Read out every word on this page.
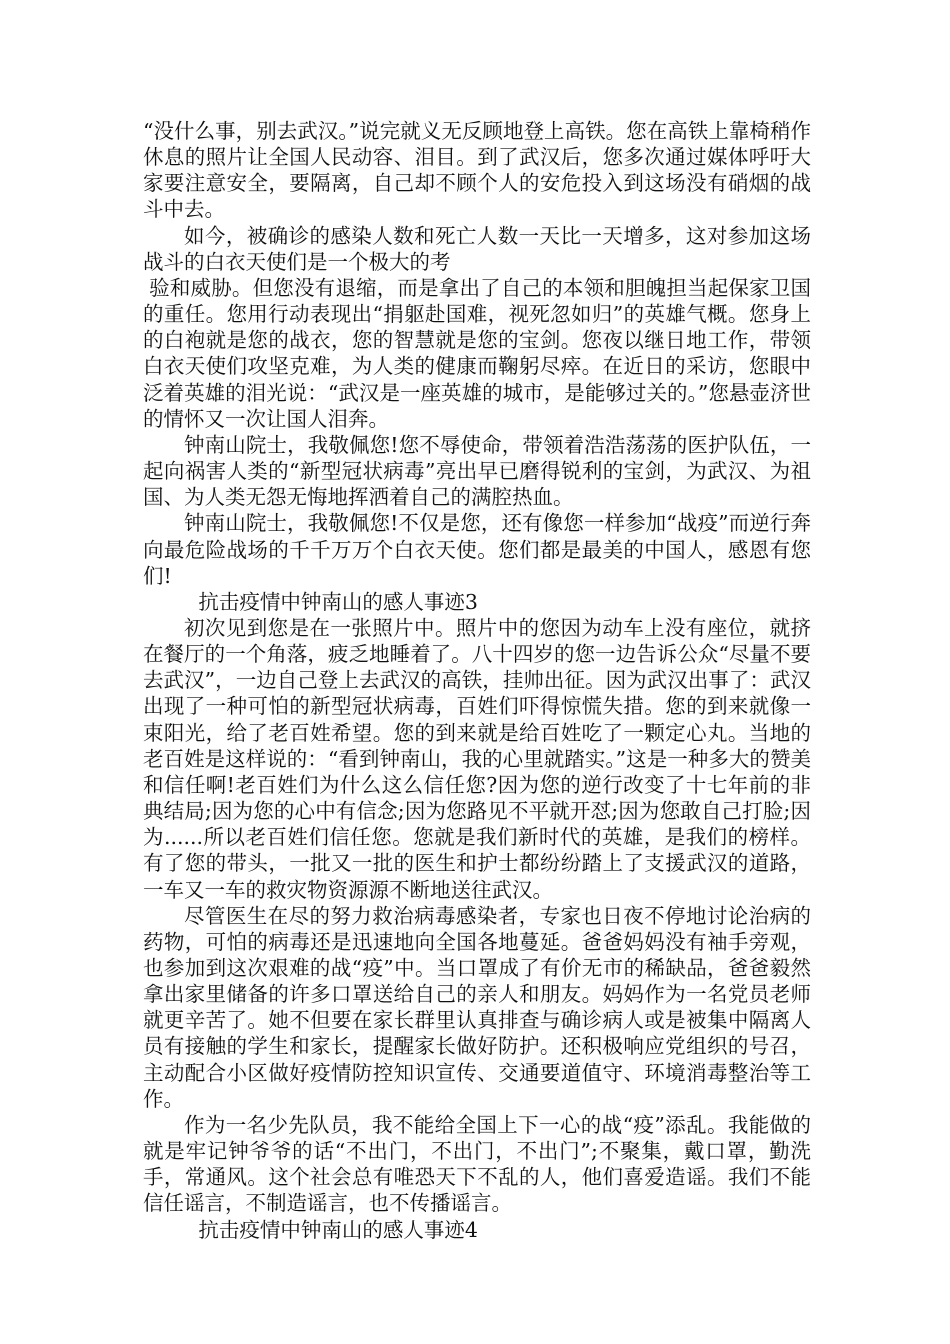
“没什么事，别去武汉。”说完就义无反顾地登上高铁。您在高铁上靠椅稍作休息的照片让全国人民动容、泪目。到了武汉后，您多次通过媒体呼吁大家要注意安全，要隔离，自己却不顾个人的安危投入到这场没有硝烟的战斗中去。

如今，被确诊的感染人数和死亡人数一天比一天增多，这对参加这场战斗的白衣天使们是一个极大的考

验和威胁。但您没有退缩，而是拿出了自己的本领和胆魄担当起保家卫国的重任。您用行动表现出“捐躯赴国难，视死忽如归”的英雄气概。您身上的白袍就是您的战衣，您的智慧就是您的宝剑。您夜以继日地工作，带领白衣天使们攻坚克难，为人类的健康而鞠躬尽瘁。在近日的采访，您眼中泛着英雄的泪光说：“武汉是一座英雄的城市，是能够过关的。”您悬壶济世的情怀又一次让国人泪奔。

钟南山院士，我敬佩您!您不辱使命，带领着浩浩荡荡的医护队伍，一起向祸害人类的“新型冠状病毒”亮出早已磨得锐利的宝剑，为武汉、为祖国、为人类无怨无悔地挥洒着自己的满腔热血。

钟南山院士，我敬佩您!不仅是您，还有像您一样参加“战疫”而逆行奔向最危险战场的千千万万个白衣天使。您们都是最美的中国人，感恩有您们!

抗击疫情中钟南山的感人事迹3

初次见到您是在一张照片中。照片中的您因为动车上没有座位，就挤在餐厅的一个角落，疲乏地睡着了。八十四岁的您一边告诉公众“尽量不要去武汉”，一边自己登上去武汉的高铁，挂帅出征。因为武汉出事了：武汉出现了一种可怕的新型冠状病毒，百姓们吓得惊慌失措。您的到来就像一束阳光，给了老百姓希望。您的到来就是给百姓吃了一颗定心丸。当地的老百姓是这样说的：“看到钟南山，我的心里就踏实。”这是一种多大的赞美和信任啊!老百姓们为什么这么信任您?因为您的逆行改变了十七年前的非典结局;因为您的心中有信念;因为您路见不平就开怼;因为您敢自己打脸;因为......所以老百姓们信任您。您就是我们新时代的英雄，是我们的榜样。有了您的带头，一批又一批的医生和护士都纷纷踏上了支援武汉的道路，一车又一车的救灾物资源源不断地送往武汉。

尽管医生在尽的努力救治病毒感染者，专家也日夜不停地讨论治病的药物，可怕的病毒还是迅速地向全国各地蔓延。爸爸妈妈没有袖手旁观，也参加到这次艰难的战“疫”中。当口罩成了有价无市的稀缺品，爸爸毅然拿出家里储备的许多口罩送给自己的亲人和朋友。妈妈作为一名党员老师就更辛苦了。她不但要在家长群里认真排查与确诊病人或是被集中隔离人员有接触的学生和家长，提醒家长做好防护。还积极响应党组织的号召，主动配合小区做好疫情防控知识宣传、交通要道值守、环境消毒整治等工作。

作为一名少先队员，我不能给全国上下一心的战“疫”添乱。我能做的就是牢记钟爷爷的话“不出门，不出门，不出门”;不聚集，戴口罩，勤洗手，常通风。这个社会总有唯恐天下不乱的人，他们喜爱造谣。我们不能信任谣言，不制造谣言，也不传播谣言。

抗击疫情中钟南山的感人事迹4
